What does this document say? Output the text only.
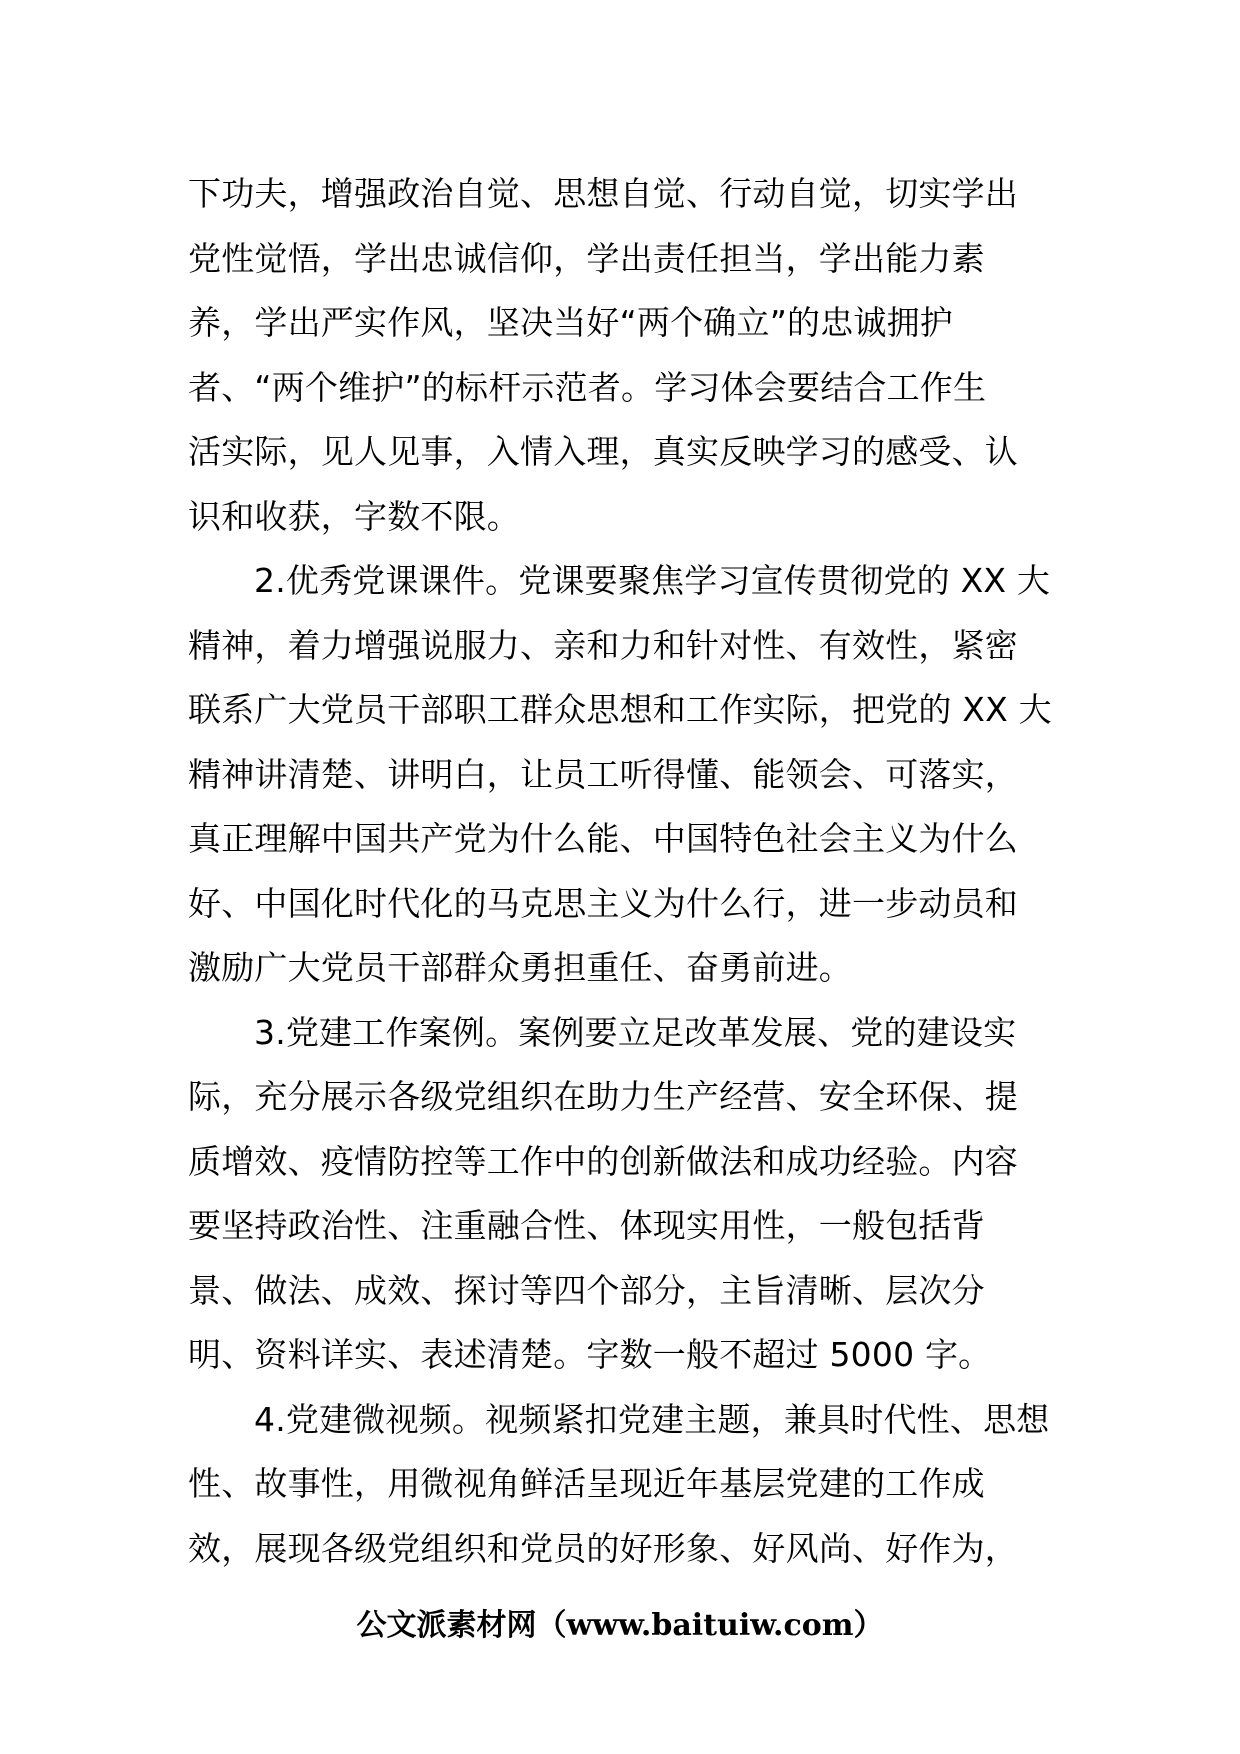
下功夫，增强政治自觉、思想自觉、行动自觉，切实学出
党性觉悟，学出忠诚信仰，学出责任担当，学出能力素
养，学出严实作风，坚决当好“两个确立”的忠诚拥护
者、“两个维护”的标杆示范者。学习体会要结合工作生
活实际，见人见事，入情入理，真实反映学习的感受、认
识和收获，字数不限。
2.优秀党课课件。党课要聚焦学习宣传贯彻党的 XX 大
精神，着力增强说服力、亲和力和针对性、有效性，紧密
联系广大党员干部职工群众思想和工作实际，把党的 XX 大
精神讲清楚、讲明白，让员工听得懂、能领会、可落实，
真正理解中国共产党为什么能、中国特色社会主义为什么
好、中国化时代化的马克思主义为什么行，进一步动员和
激励广大党员干部群众勇担重任、奋勇前进。
3.党建工作案例。案例要立足改革发展、党的建设实
际，充分展示各级党组织在助力生产经营、安全环保、提
质增效、疫情防控等工作中的创新做法和成功经验。内容
要坚持政治性、注重融合性、体现实用性，一般包括背
景、做法、成效、探讨等四个部分，主旨清晰、层次分
明、资料详实、表述清楚。字数一般不超过 5000 字。
4.党建微视频。视频紧扣党建主题，兼具时代性、思想
性、故事性，用微视角鲜活呈现近年基层党建的工作成
效，展现各级党组织和党员的好形象、好风尚、好作为，
公文派素材网（www.baituiw.com）
